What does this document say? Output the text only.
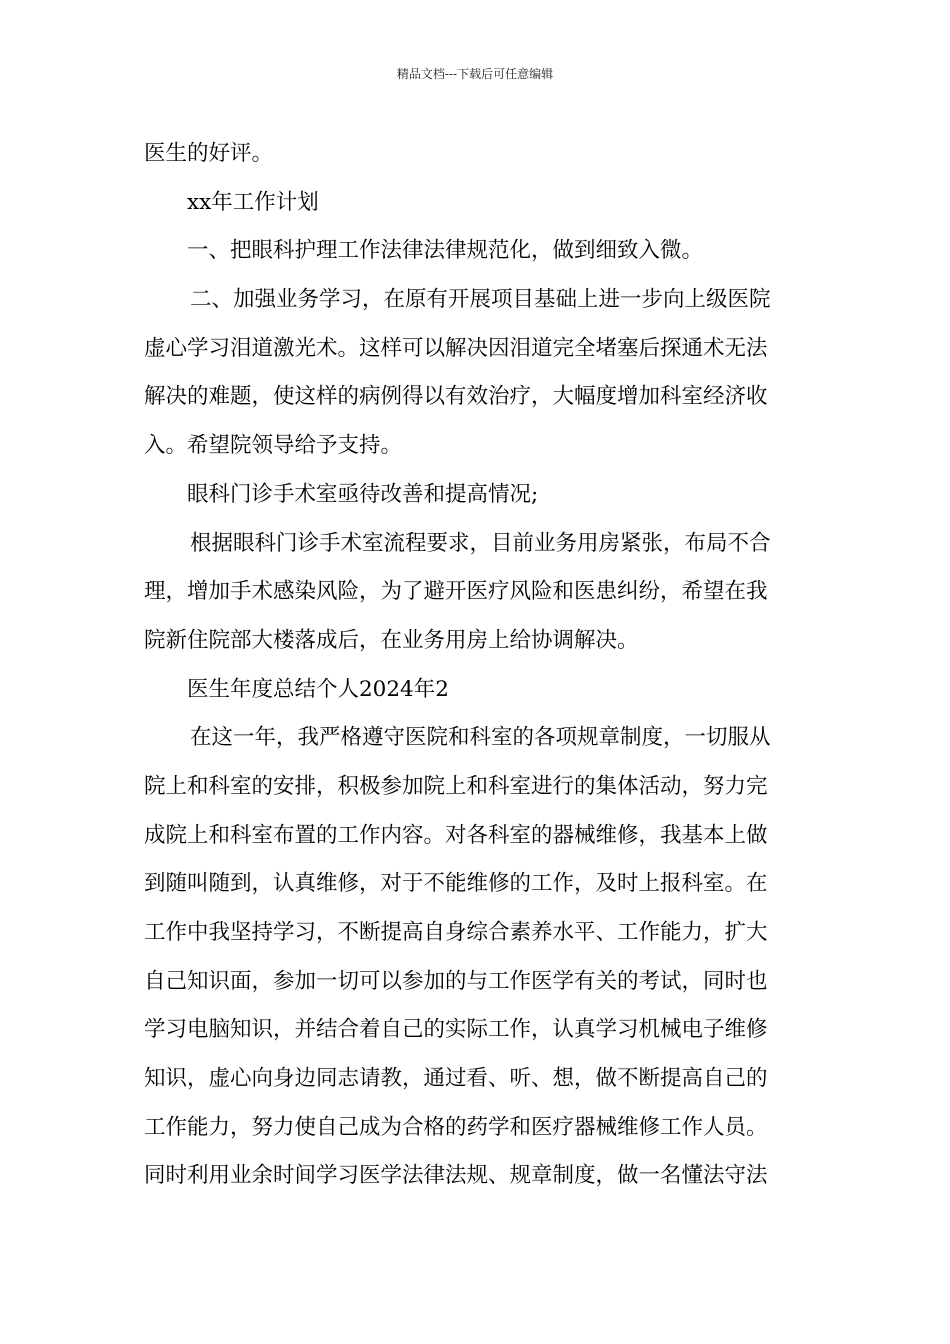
精品文档---下载后可任意编辑
医生的好评。
xx年工作计划
一、把眼科护理工作法律法律规范化，做到细致入微。
二、加强业务学习，在原有开展项目基础上进一步向上级医院
虚心学习泪道激光术。这样可以解决因泪道完全堵塞后探通术无法
解决的难题，使这样的病例得以有效治疗，大幅度增加科室经济收
入。希望院领导给予支持。
眼科门诊手术室亟待改善和提高情况;
根据眼科门诊手术室流程要求，目前业务用房紧张，布局不合
理，增加手术感染风险，为了避开医疗风险和医患纠纷，希望在我
院新住院部大楼落成后，在业务用房上给协调解决。
医生年度总结个人2024年2
在这一年，我严格遵守医院和科室的各项规章制度，一切服从
院上和科室的安排，积极参加院上和科室进行的集体活动，努力完
成院上和科室布置的工作内容。对各科室的器械维修，我基本上做
到随叫随到，认真维修，对于不能维修的工作，及时上报科室。在
工作中我坚持学习，不断提高自身综合素养水平、工作能力，扩大
自己知识面，参加一切可以参加的与工作医学有关的考试，同时也
学习电脑知识，并结合着自己的实际工作，认真学习机械电子维修
知识，虚心向身边同志请教，通过看、听、想，做不断提高自己的
工作能力，努力使自己成为合格的药学和医疗器械维修工作人员。
同时利用业余时间学习医学法律法规、规章制度，做一名懂法守法
